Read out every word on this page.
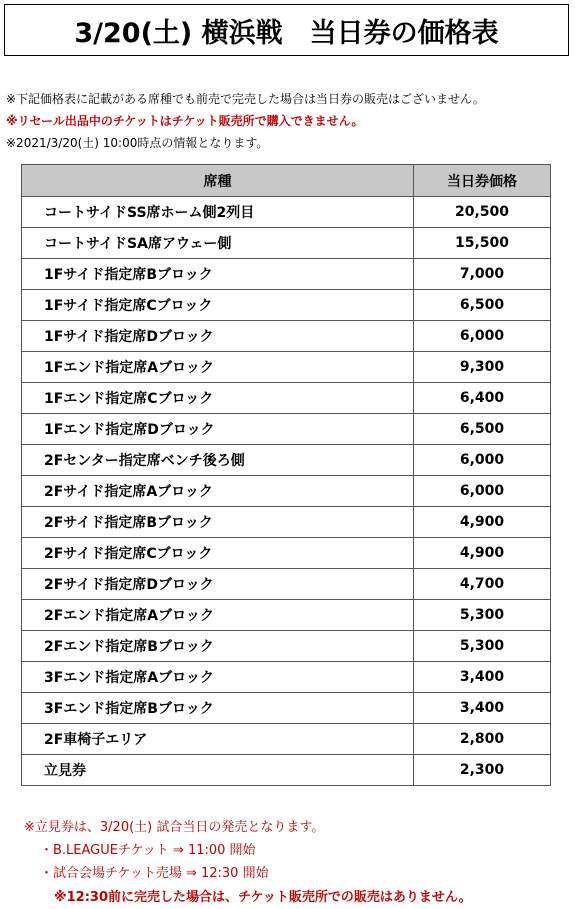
3/20(土) 横浜戦　当日券の価格表
※下記価格表に記載がある席種でも前売で完売した場合は当日券の販売はございません。
※リセール出品中のチケットはチケット販売所で購入できません。
※2021/3/20(土) 10:00時点の情報となります。
席種	当日券価格
コートサイドSS席ホーム側2列目	20,500
コートサイドSA席アウェー側	15,500
1Fサイド指定席Bブロック	7,000
1Fサイド指定席Cブロック	6,500
1Fサイド指定席Dブロック	6,000
1Fエンド指定席Aブロック	9,300
1Fエンド指定席Cブロック	6,400
1Fエンド指定席Dブロック	6,500
2Fセンター指定席ベンチ後ろ側	6,000
2Fサイド指定席Aブロック	6,000
2Fサイド指定席Bブロック	4,900
2Fサイド指定席Cブロック	4,900
2Fサイド指定席Dブロック	4,700
2Fエンド指定席Aブロック	5,300
2Fエンド指定席Bブロック	5,300
3Fエンド指定席Aブロック	3,400
3Fエンド指定席Bブロック	3,400
2F車椅子エリア	2,800
立見券	2,300
※立見券は、3/20(土) 試合当日の発売となります。
・B.LEAGUEチケット ⇒ 11:00 開始
・試合会場チケット売場 ⇒ 12:30 開始
※12:30前に完売した場合は、チケット販売所での販売はありません。
